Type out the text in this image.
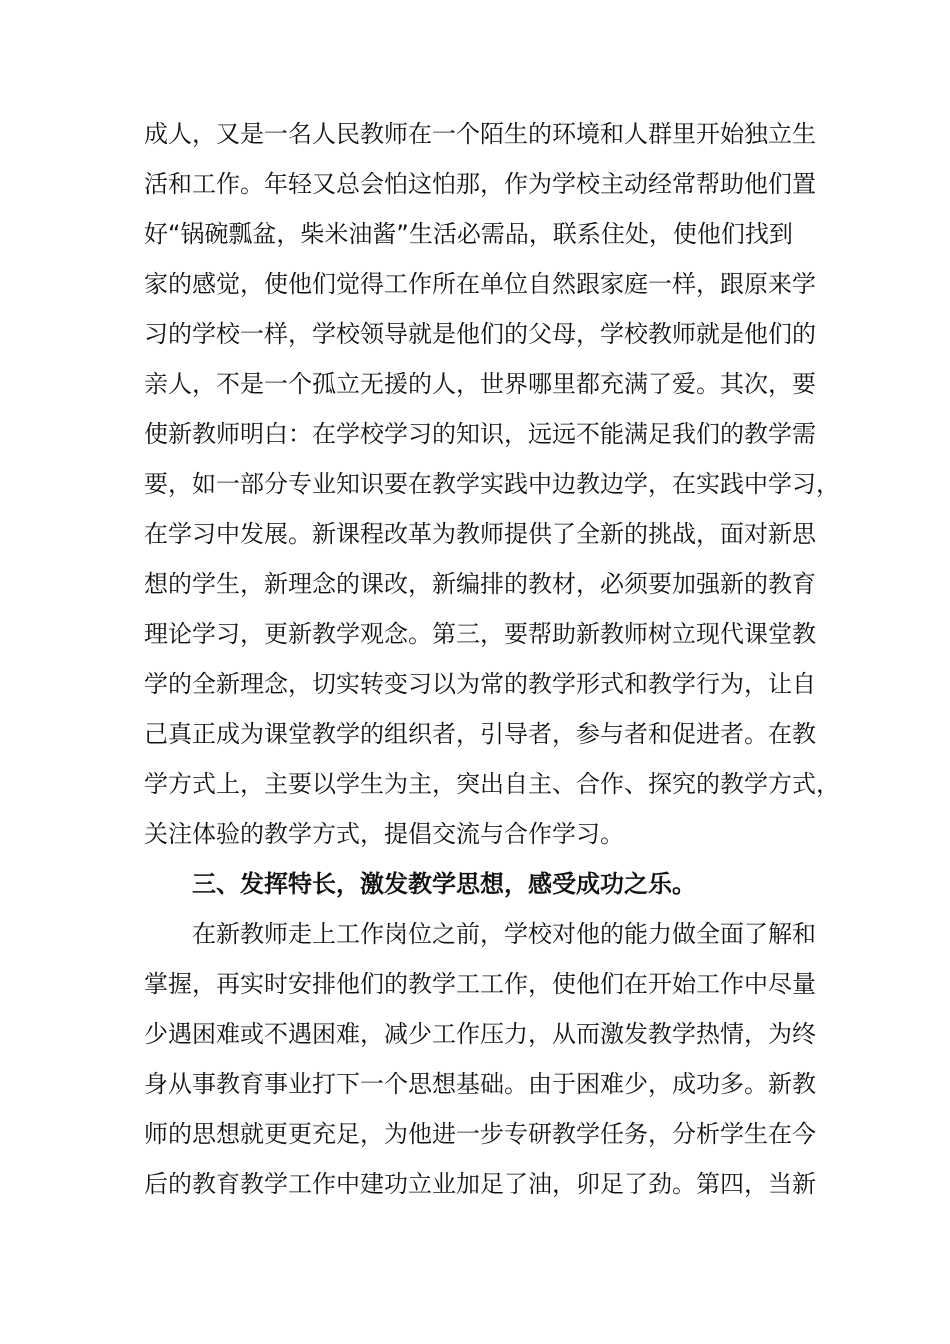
成人，又是一名人民教师在一个陌生的环境和人群里开始独立生
活和工作。年轻又总会怕这怕那，作为学校主动经常帮助他们置
好“锅碗瓢盆，柴米油酱”生活必需品，联系住处，使他们找到
家的感觉，使他们觉得工作所在单位自然跟家庭一样，跟原来学
习的学校一样，学校领导就是他们的父母，学校教师就是他们的
亲人，不是一个孤立无援的人，世界哪里都充满了爱。其次，要
使新教师明白：在学校学习的知识，远远不能满足我们的教学需
要，如一部分专业知识要在教学实践中边教边学，在实践中学习，
在学习中发展。新课程改革为教师提供了全新的挑战，面对新思
想的学生，新理念的课改，新编排的教材，必须要加强新的教育
理论学习，更新教学观念。第三，要帮助新教师树立现代课堂教
学的全新理念，切实转变习以为常的教学形式和教学行为，让自
己真正成为课堂教学的组织者，引导者，参与者和促进者。在教
学方式上，主要以学生为主，突出自主、合作、探究的教学方式，
关注体验的教学方式，提倡交流与合作学习。
三、发挥特长，激发教学思想，感受成功之乐。
在新教师走上工作岗位之前，学校对他的能力做全面了解和
掌握，再实时安排他们的教学工工作，使他们在开始工作中尽量
少遇困难或不遇困难，减少工作压力，从而激发教学热情，为终
身从事教育事业打下一个思想基础。由于困难少，成功多。新教
师的思想就更更充足，为他进一步专研教学任务，分析学生在今
后的教育教学工作中建功立业加足了油，卯足了劲。第四，当新
